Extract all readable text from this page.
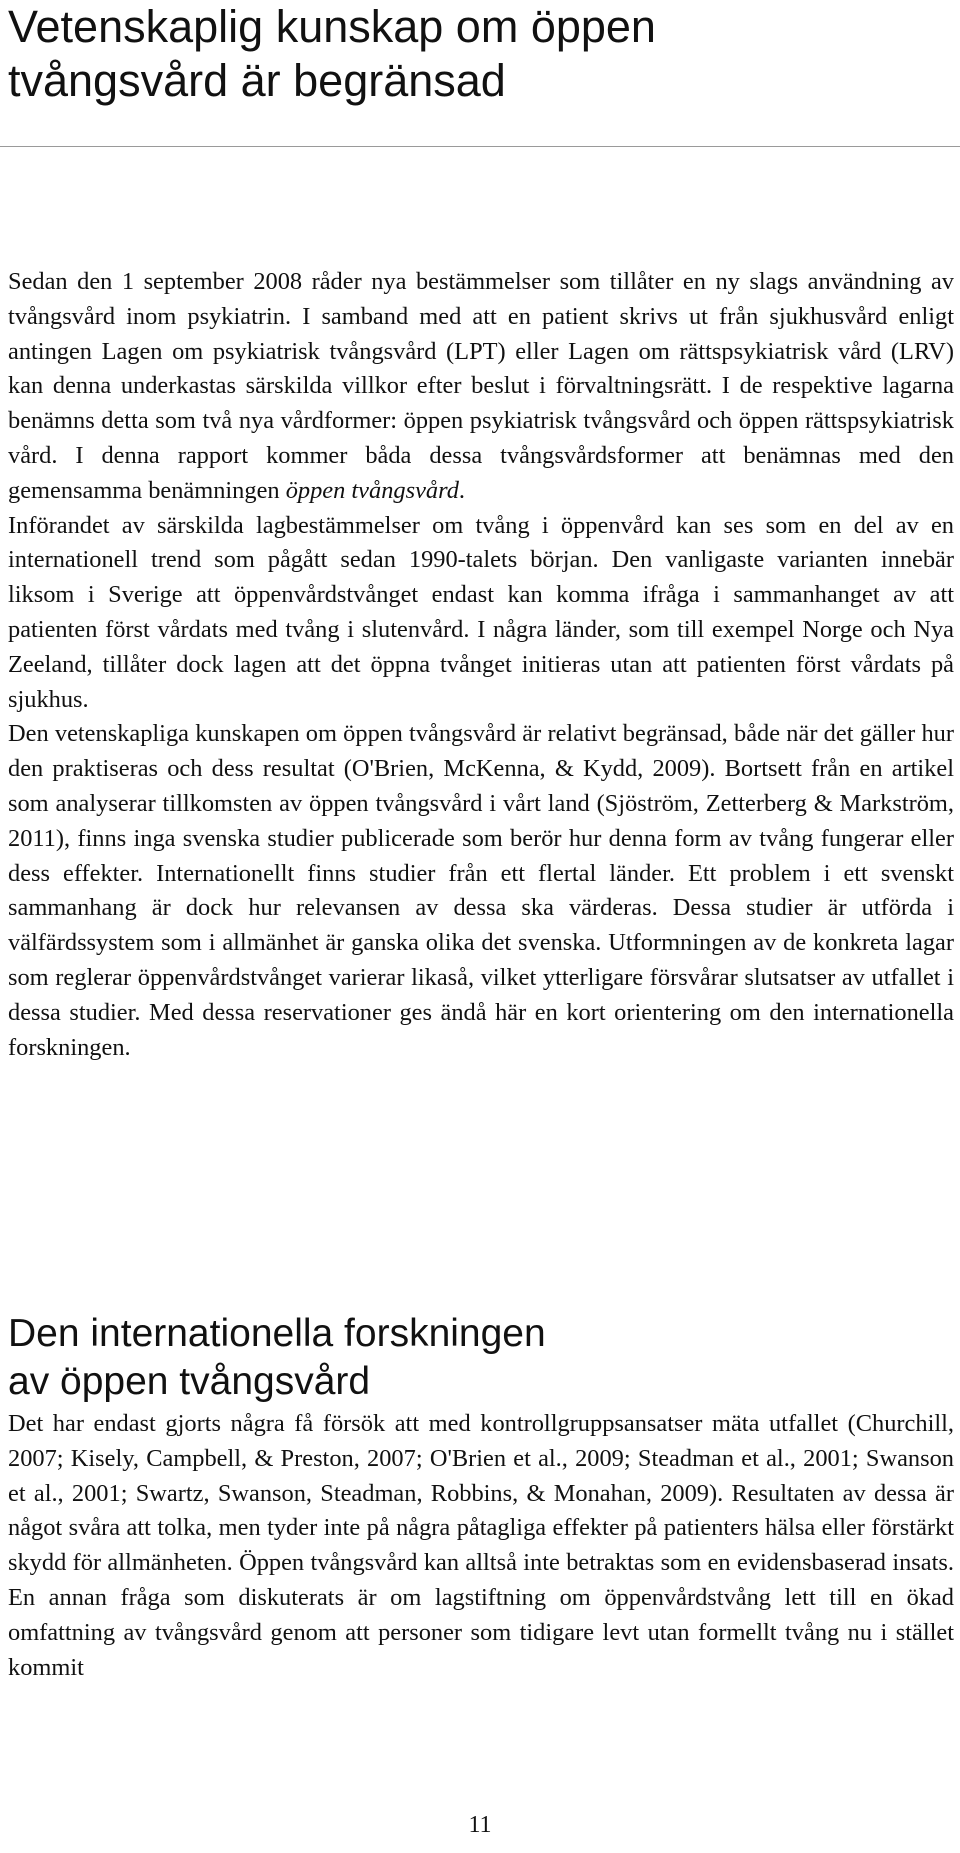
Vetenskaplig kunskap om öppen
tvångsvård är begränsad

Sedan den 1 september 2008 råder nya bestämmelser som tillåter en ny slags användning av tvångsvård inom psykiatrin. I samband med att en patient skrivs ut från sjukhusvård enligt antingen Lagen om psykiatrisk tvångsvård (LPT) eller Lagen om rättspsykiatrisk vård (LRV) kan denna underkastas särskilda villkor efter beslut i förvaltningsrätt. I de respektive lagarna benämns detta som två nya vårdformer: öppen psykiatrisk tvångsvård och öppen rättspsykiatrisk vård. I denna rapport kommer båda dessa tvångsvårdsformer att benämnas med den gemensamma benämningen öppen tvångsvård.

Införandet av särskilda lagbestämmelser om tvång i öppenvård kan ses som en del av en internationell trend som pågått sedan 1990-talets början. Den vanligaste varianten innebär liksom i Sverige att öppenvårdstvånget endast kan komma ifråga i sammanhanget av att patienten först vårdats med tvång i slutenvård. I några länder, som till exempel Norge och Nya Zeeland, tillåter dock lagen att det öppna tvånget initieras utan att patienten först vårdats på sjukhus.

Den vetenskapliga kunskapen om öppen tvångsvård är relativt begränsad, både när det gäller hur den praktiseras och dess resultat (O'Brien, McKenna, & Kydd, 2009). Bortsett från en artikel som analyserar tillkomsten av öppen tvångsvård i vårt land (Sjöström, Zetterberg & Markström, 2011), finns inga svenska studier publicerade som berör hur denna form av tvång fungerar eller dess effekter. Internationellt finns studier från ett flertal länder. Ett problem i ett svenskt sammanhang är dock hur relevansen av dessa ska värderas. Dessa studier är utförda i välfärdssystem som i allmänhet är ganska olika det svenska. Utformningen av de konkreta lagar som reglerar öppenvårdstvånget varierar likaså, vilket ytterligare försvårar slutsatser av utfallet i dessa studier. Med dessa reservationer ges ändå här en kort orientering om den internationella forskningen.

Den internationella forskningen
av öppen tvångsvård

Det har endast gjorts några få försök att med kontrollgruppsansatser mäta utfallet (Churchill, 2007; Kisely, Campbell, & Preston, 2007; O'Brien et al., 2009; Steadman et al., 2001; Swanson et al., 2001; Swartz, Swanson, Steadman, Robbins, & Monahan, 2009). Resultaten av dessa är något svåra att tolka, men tyder inte på några påtagliga effekter på patienters hälsa eller förstärkt skydd för allmänheten. Öppen tvångsvård kan alltså inte betraktas som en evidensbaserad insats. En annan fråga som diskuterats är om lagstiftning om öppenvårdstvång lett till en ökad omfattning av tvångsvård genom att personer som tidigare levt utan formellt tvång nu i stället kommit

11
